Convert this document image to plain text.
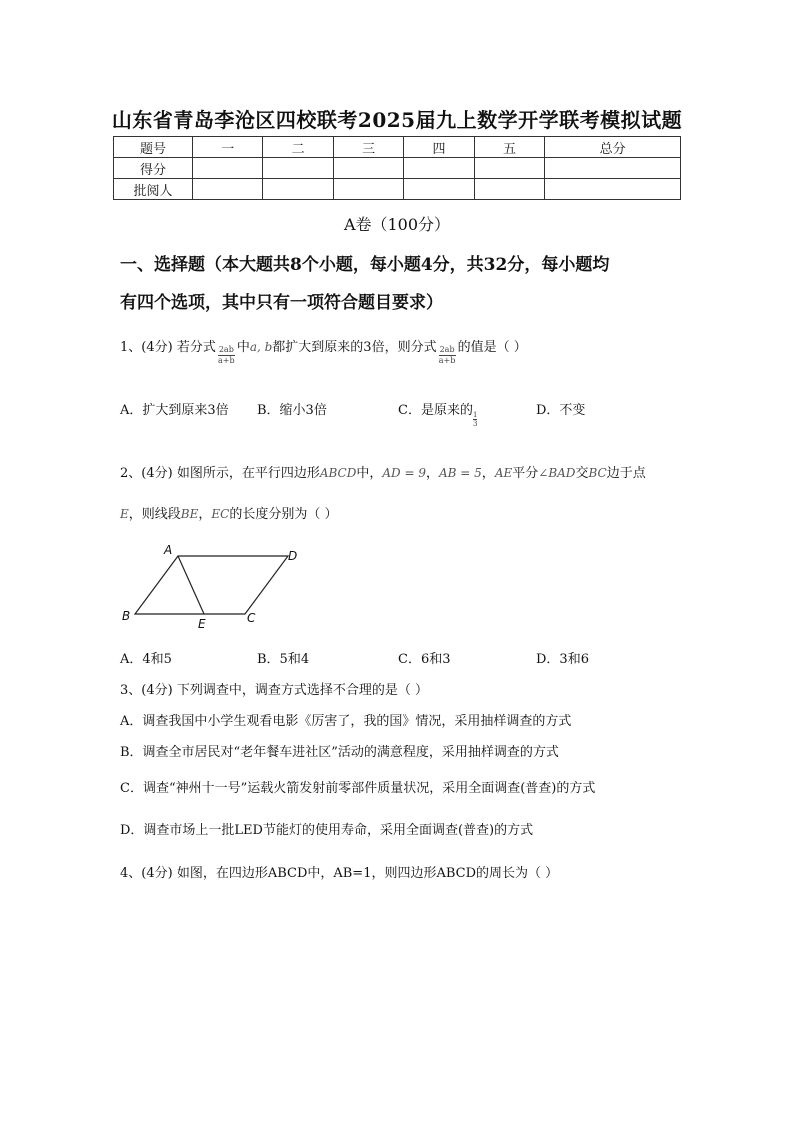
山东省青岛李沧区四校联考2025届九上数学开学联考模拟试题
题号	一	二	三	四	五	总分
得分						
批阅人						
A卷（100分）
一、选择题（本大题共8个小题，每小题4分，共32分，每小题均
有四个选项，其中只有一项符合题目要求）
1、(4分) 若分式 $\frac{2ab}{a+b}$ 中a, b都扩大到原来的3倍，则分式 $\frac{2ab}{a+b}$ 的值是（ ）
A．扩大到原来3倍 B．缩小3倍	C．是原来的
$\frac{1}{3}$
D．不变
2、(4分) 如图所示，在平行四边形ABCD中，AD = 9，AB = 5，AE平分∠BAD交BC边于点
E，则线段BE，EC的长度分别为（ ）
A	D
B	C
E
A．4和5	B．5和4	C．6和3	D．3和6
3、(4分) 下列调查中，调查方式选择不合理的是（ ）
A．调查我国中小学生观看电影《厉害了，我的国》情况，采用抽样调查的方式
B．调查全市居民对“老年餐车进社区”活动的满意程度，采用抽样调查的方式
C．调查“神州十一号”运载火箭发射前零部件质量状况，采用全面调查(普查)的方式
D．调查市场上一批LED节能灯的使用寿命，采用全面调查(普查)的方式
4、(4分) 如图，在四边形ABCD中，AB=1，则四边形ABCD的周长为（ ）
